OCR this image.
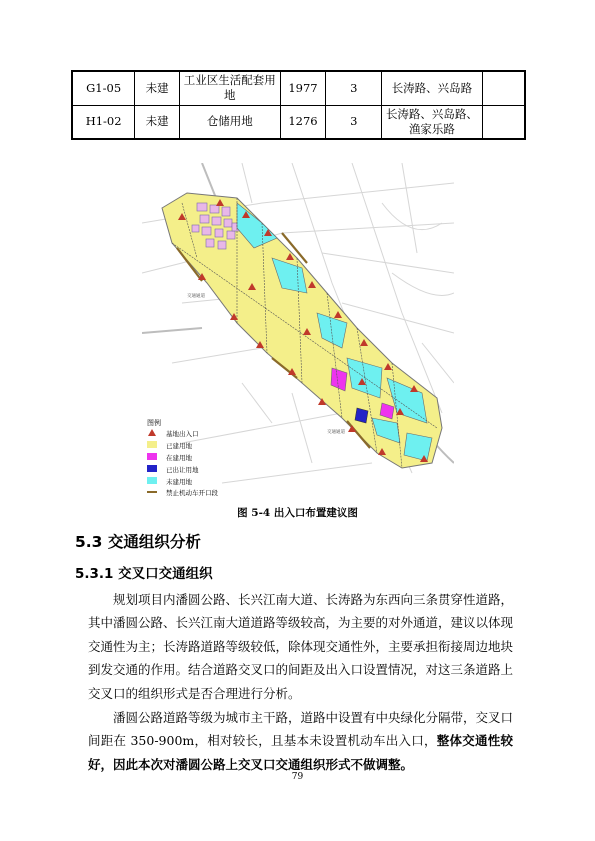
G1-05	未建	工业区生活配套用地	1977	3	长涛路、兴岛路	
H1-02	未建	仓储用地	1276	3	长涛路、兴岛路、渔家乐路	
交通通道
交通通道
图例
基地出入口
已建用地
在建用地
已出让用地
未建用地
禁止机动车开口段
图 5-4 出入口布置建议图
5.3 交通组织分析
5.3.1 交叉口交通组织
规划项目内潘圆公路、长兴江南大道、长涛路为东西向三条贯穿性道路，其中潘圆公路、长兴江南大道道路等级较高，为主要的对外通道，建议以体现交通性为主；长涛路道路等级较低，除体现交通性外，主要承担衔接周边地块到发交通的作用。结合道路交叉口的间距及出入口设置情况，对这三条道路上交叉口的组织形式是否合理进行分析。
潘圆公路道路等级为城市主干路，道路中设置有中央绿化分隔带，交叉口间距在 350-900m，相对较长，且基本未设置机动车出入口，整体交通性较好，因此本次对潘圆公路上交叉口交通组织形式不做调整。
79
